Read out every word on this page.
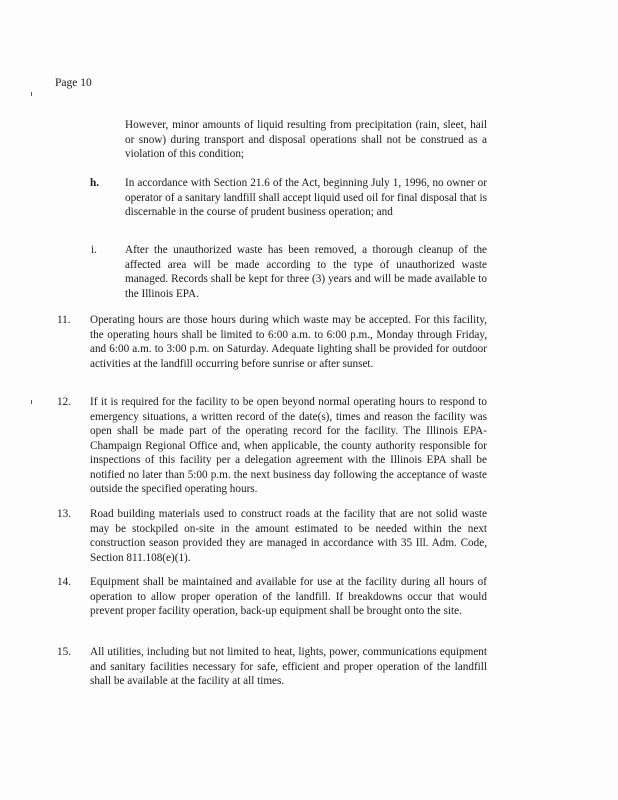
Page 10
However, minor amounts of liquid resulting from precipitation (rain, sleet, hail or snow) during transport and disposal operations shall not be construed as a violation of this condition;
h. In accordance with Section 21.6 of the Act, beginning July 1, 1996, no owner or operator of a sanitary landfill shall accept liquid used oil for final disposal that is discernable in the course of prudent business operation; and
i.	After the unauthorized waste has been removed, a thorough cleanup of the affected area will be made according to the type of unauthorized waste managed. Records shall be kept for three (3) years and will be made available to the Illinois EPA.
11. Operating hours are those hours during which waste may be accepted. For this facility, the operating hours shall be limited to 6:00 a.m. to 6:00 p.m., Monday through Friday, and 6:00 a.m. to 3:00 p.m. on Saturday. Adequate lighting shall be provided for outdoor activities at the landfill occurring before sunrise or after sunset.
12. If it is required for the facility to be open beyond normal operating hours to respond to emergency situations, a written record of the date(s), times and reason the facility was open shall be made part of the operating record for the facility. The Illinois EPA-Champaign Regional Office and, when applicable, the county authority responsible for inspections of this facility per a delegation agreement with the Illinois EPA shall be notified no later than 5:00 p.m. the next business day following the acceptance of waste outside the specified operating hours.
13. Road building materials used to construct roads at the facility that are not solid waste may be stockpiled on-site in the amount estimated to be needed within the next construction season provided they are managed in accordance with 35 Ill. Adm. Code, Section 811.108(e)(1).
14. Equipment shall be maintained and available for use at the facility during all hours of operation to allow proper operation of the landfill. If breakdowns occur that would prevent proper facility operation, back-up equipment shall be brought onto the site.
15. All utilities, including but not limited to heat, lights, power, communications equipment and sanitary facilities necessary for safe, efficient and proper operation of the landfill shall be available at the facility at all times.
